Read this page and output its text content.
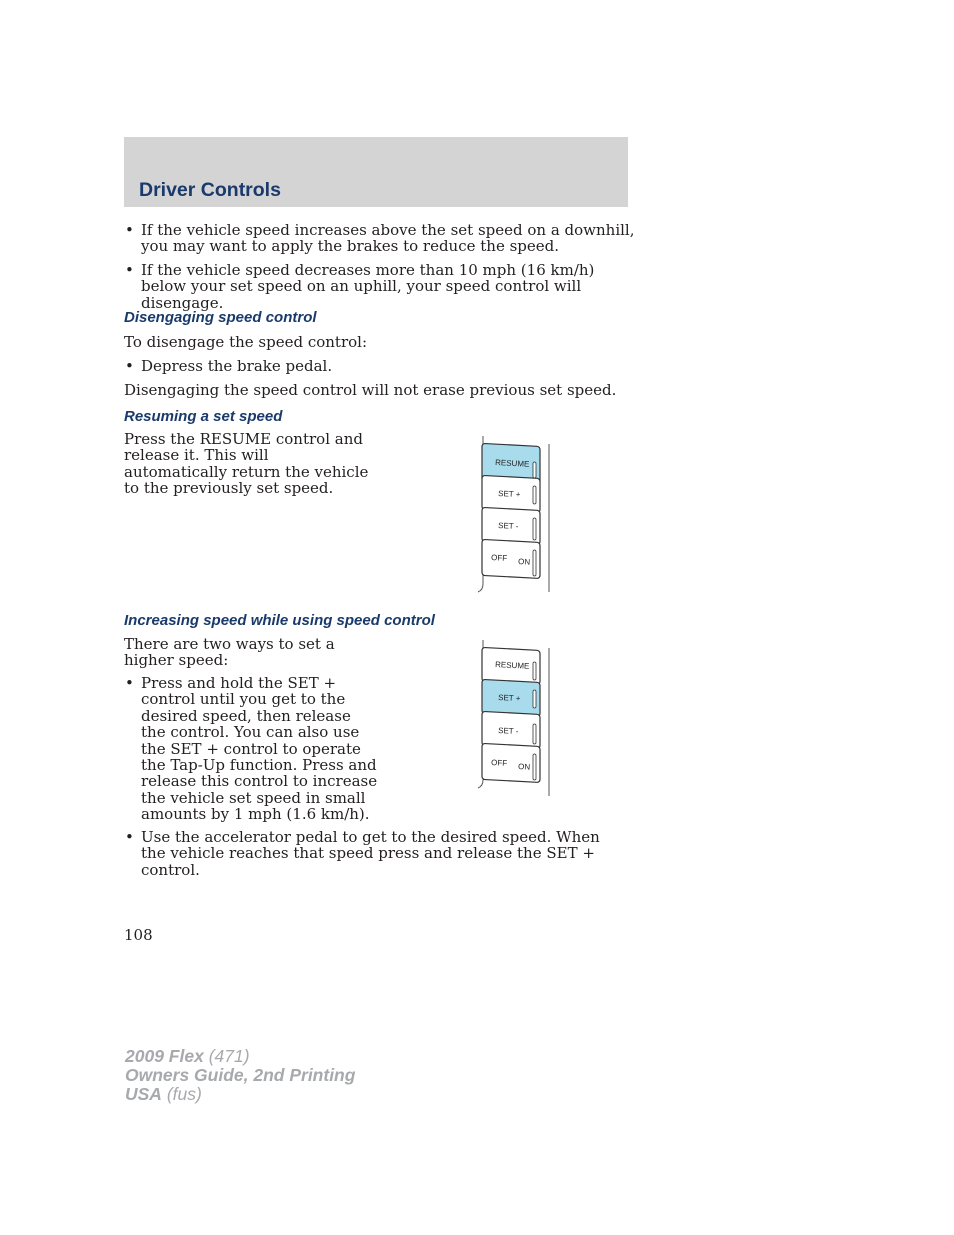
Driver Controls
• If the vehicle speed increases above the set speed on a downhill, you may want to apply the brakes to reduce the speed.
• If the vehicle speed decreases more than 10 mph (16 km/h) below your set speed on an uphill, your speed control will disengage.
Disengaging speed control

To disengage the speed control:

• Depress the brake pedal.

Disengaging the speed control will not erase previous set speed.

Resuming a set speed

Press the RESUME control and release it. This will automatically return the vehicle to the previously set speed.

Increasing speed while using speed control

There are two ways to set a higher speed:

• Press and hold the SET + control until you get to the desired speed, then release the control. You can also use the SET + control to operate the Tap-Up function. Press and release this control to increase the vehicle set speed in small amounts by 1 mph (1.6 km/h).
• Use the accelerator pedal to get to the desired speed. When the vehicle reaches that speed press and release the SET + control.
RESUME
SET +
SET -
OFF ON
RESUME
SET +
SET -
OFF ON
108
2009 Flex (471)
Owners Guide, 2nd Printing
USA (fus)
